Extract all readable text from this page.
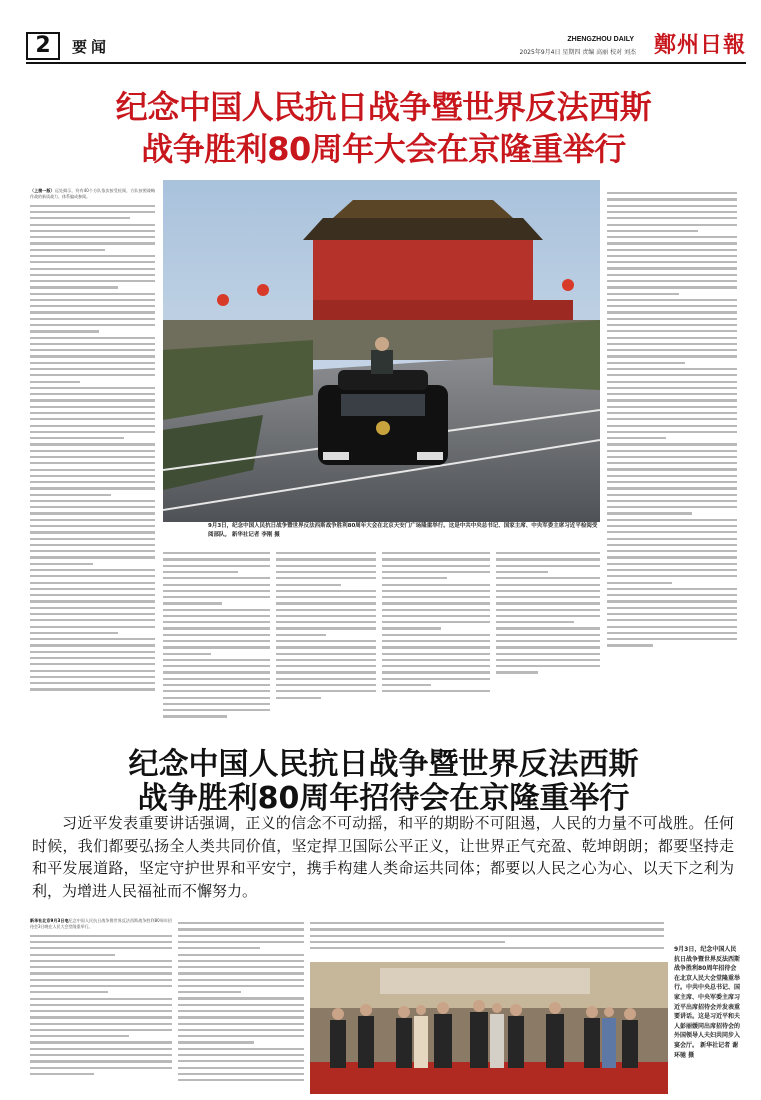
2	要闻	ZHENGZHOU DAILY
2025年9月4日 星期四 责编 高丽 校对 刘杰 鄭州日報
纪念中国人民抗日战争暨世界反法西斯
战争胜利80周年大会在京隆重举行
（上接一版）远处揭示，符有40个方队依次接受检阅，方队按照战略作战的新质战力、体系编成参阅。
9月3日，纪念中国人民抗日战争暨世界反法西斯战争胜利80周年大会在北京天安门广场隆重举行。这是中共中央总书记、国家主席、中央军委主席习近平检阅受阅部队。 新华社记者 李刚 摄
纪念中国人民抗日战争暨世界反法西斯
战争胜利80周年招待会在京隆重举行
习近平发表重要讲话强调，正义的信念不可动摇，和平的期盼不可阻遏，人民的力量不可战胜。任何时候，我们都要弘扬全人类共同价值，坚定捍卫国际公平正义，让世界正气充盈、乾坤朗朗；都要坚持走和平发展道路，坚定守护世界和平安宁，携手构建人类命运共同体；都要以人民之心为心、以天下之利为利，为增进人民福祉而不懈努力。
新华社北京9月3日电纪念中国人民抗日战争暨世界反法西斯战争胜利80周年招待会3日晚在人民大会堂隆重举行。
9月3日，纪念中国人民抗日战争暨世界反法西斯战争胜利80周年招待会在北京人民大会堂隆重举行。中共中央总书记、国家主席、中央军委主席习近平出席招待会并发表重要讲话。这是习近平和夫人彭丽媛同出席招待会的外国领导人夫妇共同步入宴会厅。 新华社记者 谢环驰 摄
